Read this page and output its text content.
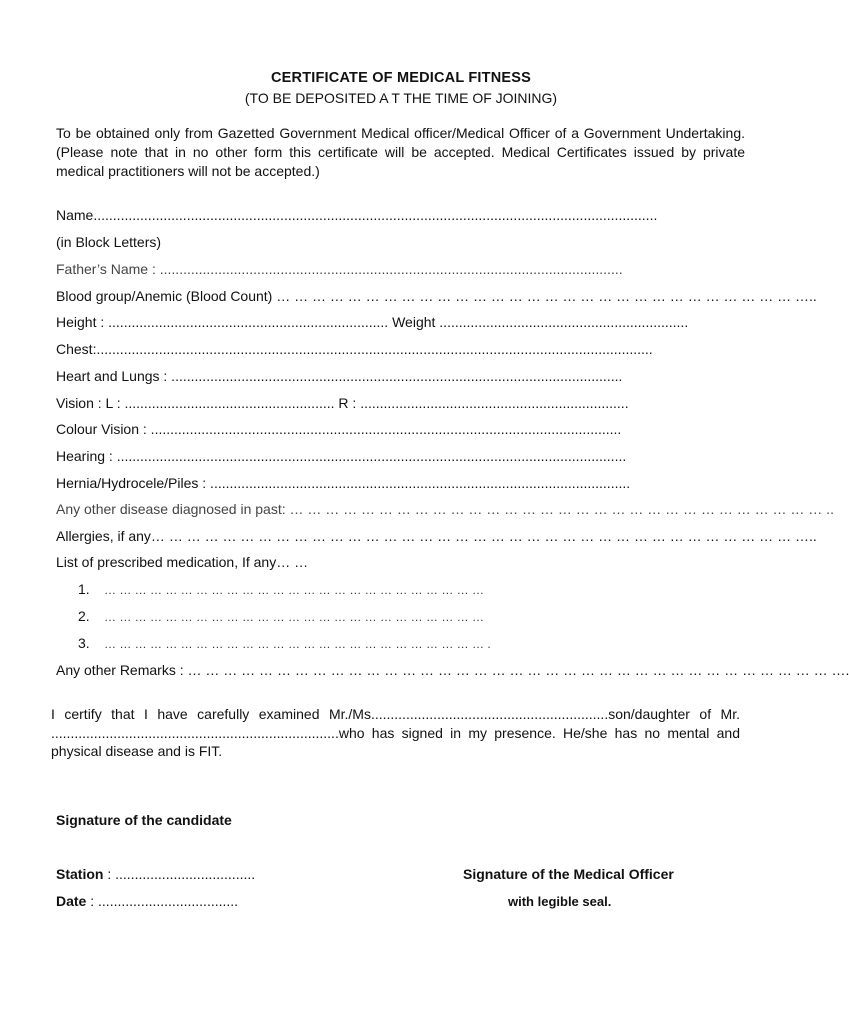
CERTIFICATE OF MEDICAL FITNESS
(TO BE DEPOSITED A T THE TIME OF JOINING)
To be obtained only from Gazetted Government Medical officer/Medical Officer of a Government Undertaking. (Please note that in no other form this certificate will be accepted. Medical Certificates issued by private medical practitioners will not be accepted.)
Name.................................................................................................................................................
(in Block Letters)
Father’s Name : .......................................................................................................................
Blood group/Anemic (Blood Count) … … … … … … … … … … … … … … … … … … … … … … … … … … … … … …..
Height : ........................................................................ Weight ................................................................
Chest:...............................................................................................................................................
Heart and Lungs : ....................................................................................................................
Vision : L : ...................................................... R : .....................................................................
Colour Vision : .........................................................................................................................
Hearing : ...................................................................................................................................
Hernia/Hydrocele/Piles : ............................................................................................................
Any other disease diagnosed in past: … … … … … … … … … … … … … … … … … … … … … … … … … … … … … … ..
Allergies, if any… … … … … … … … … … … … … … … … … … … … … … … … … … … … … … … … … … … … …..
List of prescribed medication, If any… …
1. … … … … … … … … … … … … … … … … … … … … … … … … …
2. … … … … … … … … … … … … … … … … … … … … … … … … …
3. … … … … … … … … … … … … … … … … … … … … … … … … … .
Any other Remarks : … … … … … … … … … … … … … … … … … … … … … … … … … … … … … … … … … … … … ….
I certify that I have carefully examined Mr./Ms.............................................................son/daughter of Mr. ..........................................................................who has signed in my presence. He/she has no mental and physical disease and is FIT.
Signature of the candidate
Station : ....................................
Date : ....................................
Signature of the Medical Officer
with legible seal.
